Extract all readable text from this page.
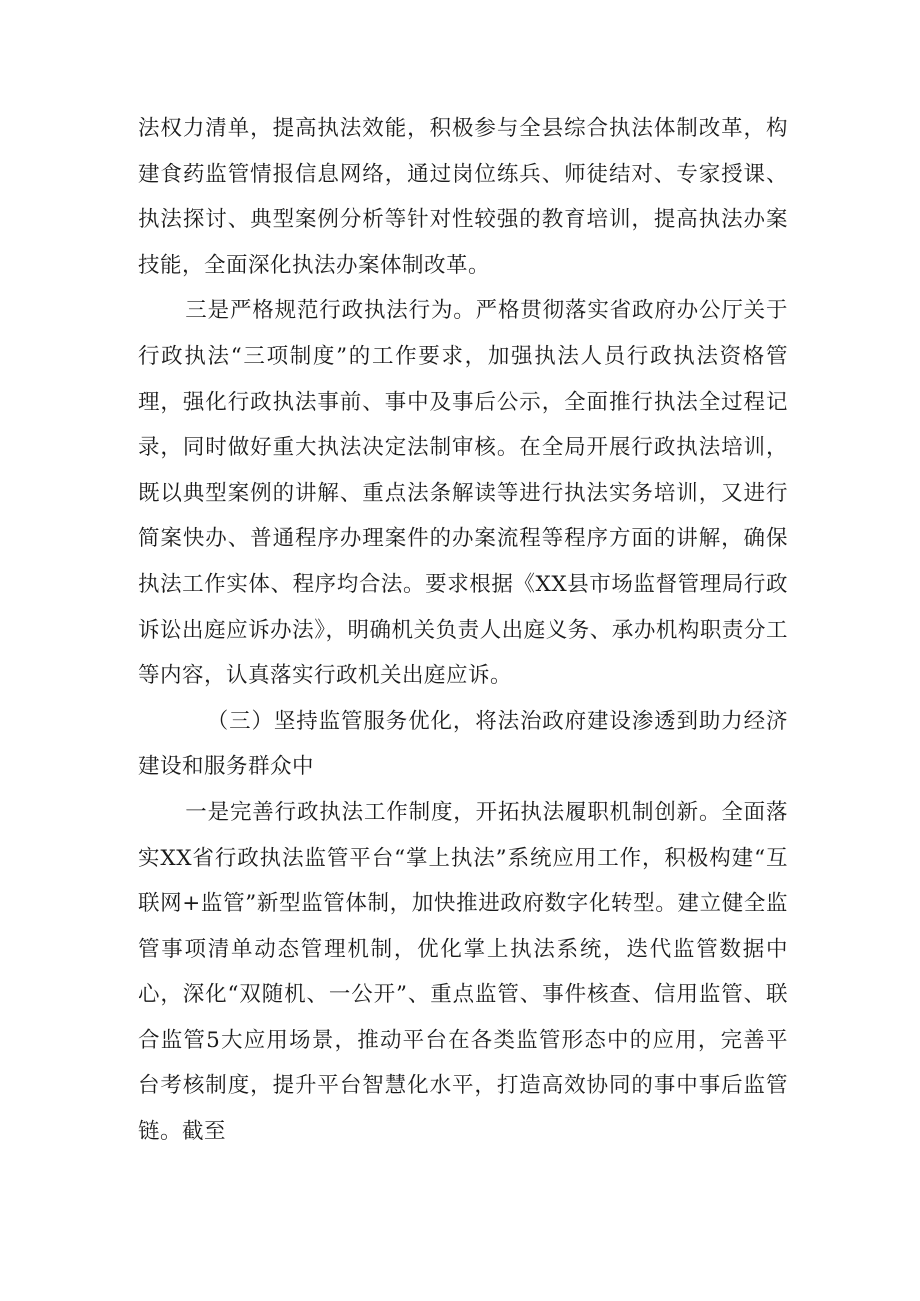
法权力清单，提高执法效能，积极参与全县综合执法体制改革，构建食药监管情报信息网络，通过岗位练兵、师徒结对、专家授课、执法探讨、典型案例分析等针对性较强的教育培训，提高执法办案技能，全面深化执法办案体制改革。

三是严格规范行政执法行为。严格贯彻落实省政府办公厅关于行政执法“三项制度”的工作要求，加强执法人员行政执法资格管理，强化行政执法事前、事中及事后公示，全面推行执法全过程记录，同时做好重大执法决定法制审核。在全局开展行政执法培训，既以典型案例的讲解、重点法条解读等进行执法实务培训，又进行简案快办、普通程序办理案件的办案流程等程序方面的讲解，确保执法工作实体、程序均合法。要求根据《XX县市场监督管理局行政诉讼出庭应诉办法》，明确机关负责人出庭义务、承办机构职责分工等内容，认真落实行政机关出庭应诉。

（三）坚持监管服务优化，将法治政府建设渗透到助力经济建设和服务群众中

一是完善行政执法工作制度，开拓执法履职机制创新。全面落实XX省行政执法监管平台“掌上执法”系统应用工作，积极构建“互联网+监管”新型监管体制，加快推进政府数字化转型。建立健全监管事项清单动态管理机制，优化掌上执法系统，迭代监管数据中心，深化“双随机、一公开”、重点监管、事件核查、信用监管、联合监管5大应用场景，推动平台在各类监管形态中的应用，完善平台考核制度，提升平台智慧化水平，打造高效协同的事中事后监管链。截至
